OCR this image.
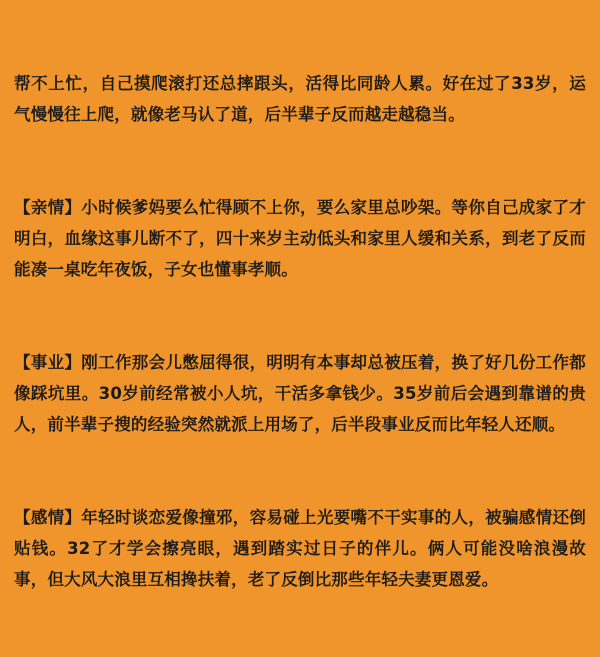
帮不上忙，自己摸爬滚打还总摔跟头，活得比同龄人累。好在过了33岁，运气慢慢往上爬，就像老马认了道，后半辈子反而越走越稳当。

【亲情】小时候爹妈要么忙得顾不上你，要么家里总吵架。等你自己成家了才明白，血缘这事儿断不了，四十来岁主动低头和家里人缓和关系，到老了反而能凑一桌吃年夜饭，子女也懂事孝顺。

【事业】刚工作那会儿憋屈得很，明明有本事却总被压着，换了好几份工作都像踩坑里。30岁前经常被小人坑，干活多拿钱少。35岁前后会遇到靠谱的贵人，前半辈子搜的经验突然就派上用场了，后半段事业反而比年轻人还顺。

【感情】年轻时谈恋爱像撞邪，容易碰上光要嘴不干实事的人，被骗感情还倒贴钱。32了才学会擦亮眼，遇到踏实过日子的伴儿。俩人可能没啥浪漫故事，但大风大浪里互相搀扶着，老了反倒比那些年轻夫妻更恩爱。
